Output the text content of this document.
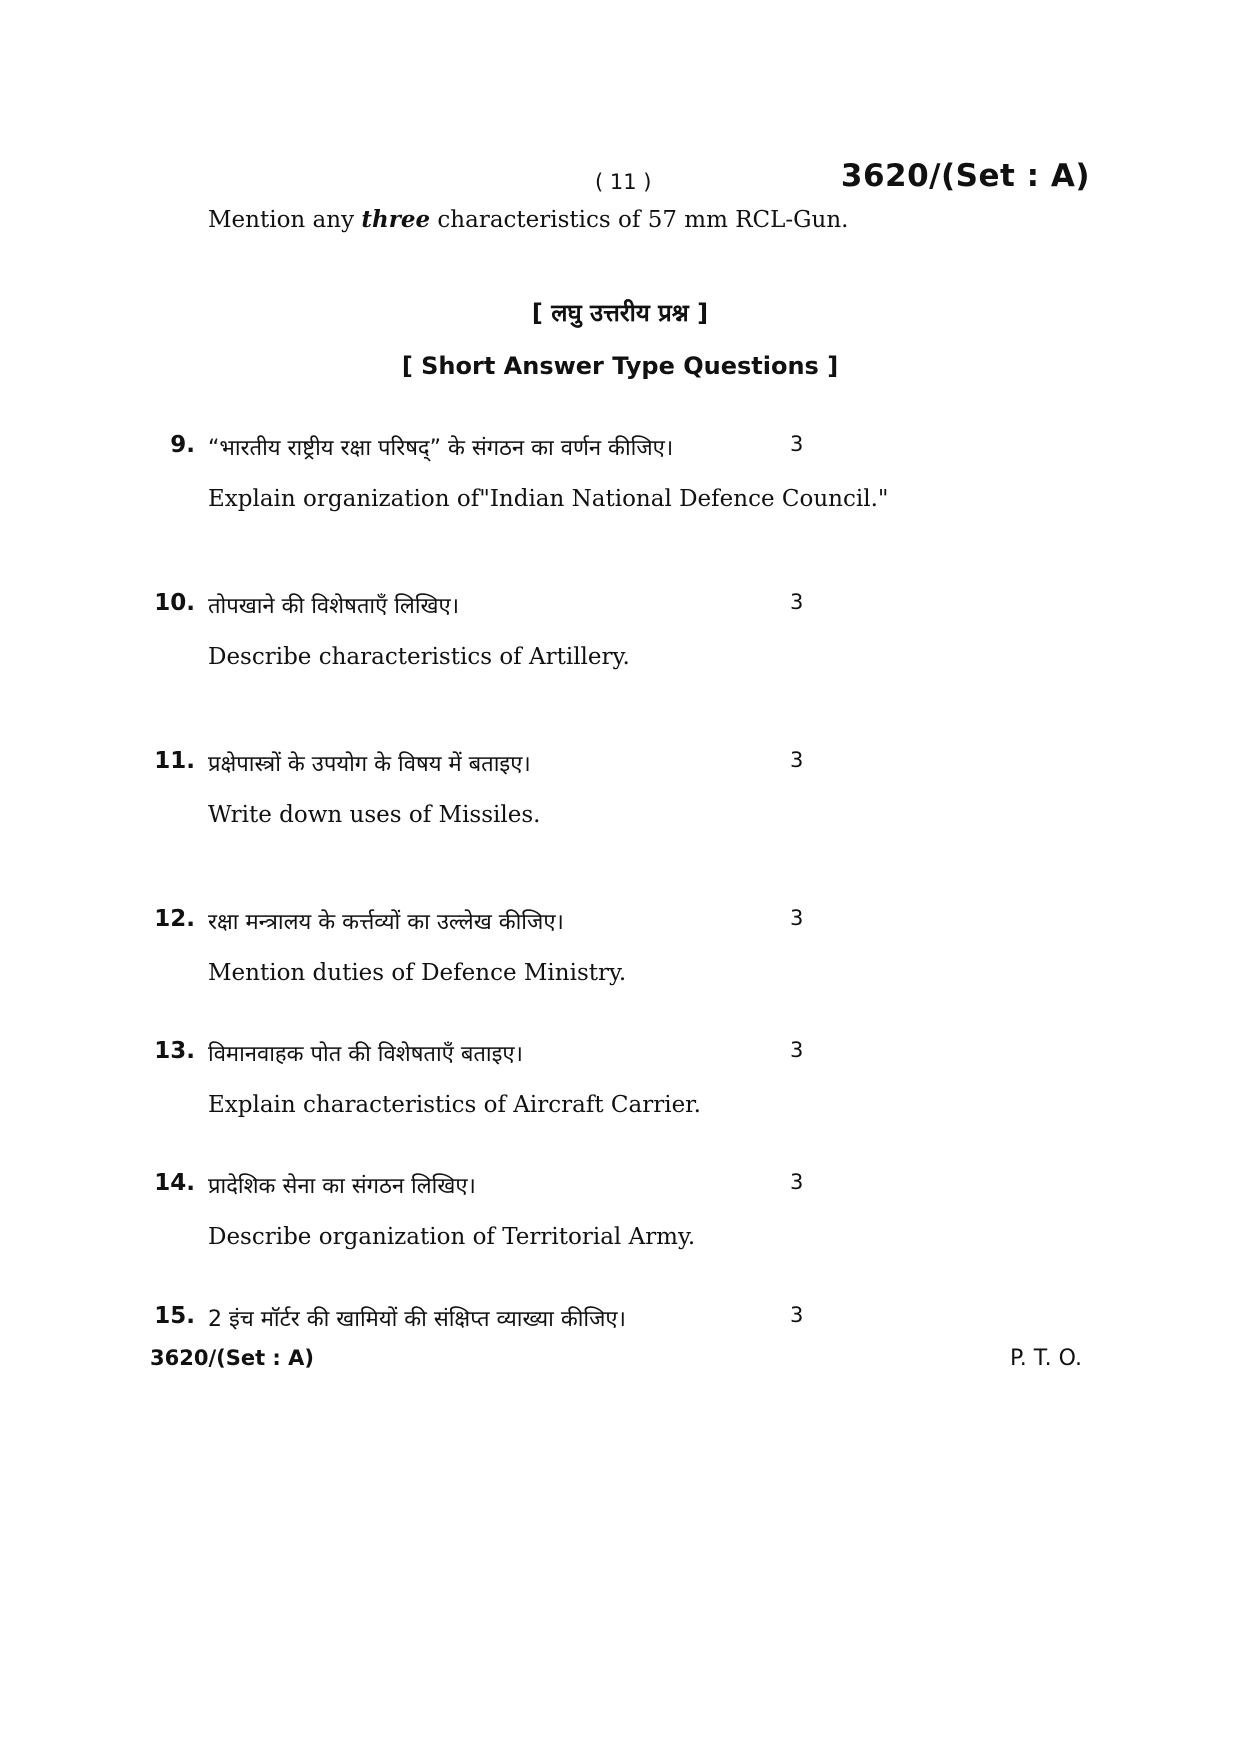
( 11 )	3620/(Set : A)
Mention any three characteristics of 57 mm RCL-Gun.
[ लघु उत्तरीय प्रश्न ]
[ Short Answer Type Questions ]
9. “भारतीय राष्ट्रीय रक्षा परिषद्” के संगठन का वर्णन कीजिए।	3
Explain organization of"Indian National Defence Council."
10. तोपखाने की विशेषताएँ लिखिए।	3
Describe characteristics of Artillery.
11. प्रक्षेपास्त्रों के उपयोग के विषय में बताइए।	3
Write down uses of Missiles.
12. रक्षा मन्त्रालय के कर्त्तव्यों का उल्लेख कीजिए।	3
Mention duties of Defence Ministry.
13. विमानवाहक पोत की विशेषताएँ बताइए।	3
Explain characteristics of Aircraft Carrier.
14. प्रादेशिक सेना का संगठन लिखिए।	3
Describe organization of Territorial Army.
15. 2 इंच मॉर्टर की खामियों की संक्षिप्त व्याख्या कीजिए।	3
3620/(Set : A)	P. T. O.
